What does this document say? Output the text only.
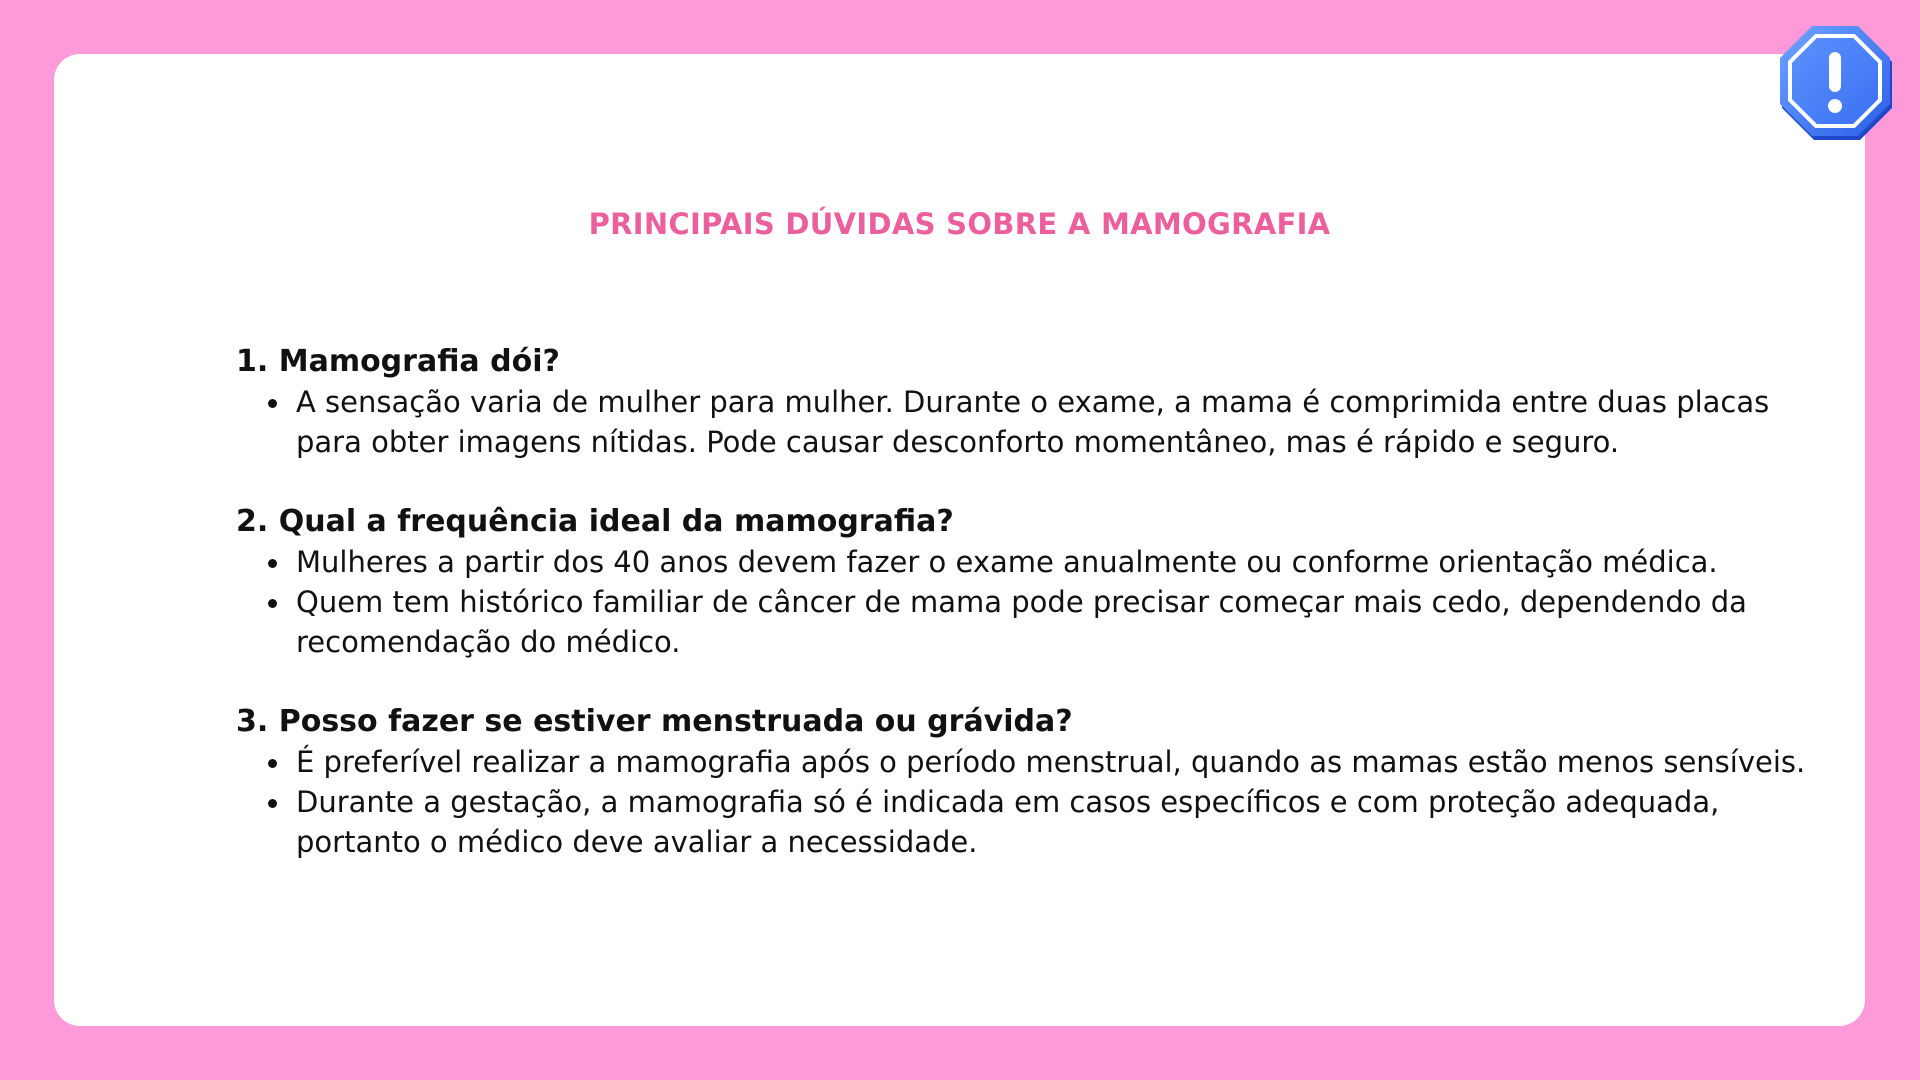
PRINCIPAIS DÚVIDAS SOBRE A MAMOGRAFIA
1. Mamografia dói?
A sensação varia de mulher para mulher. Durante o exame, a mama é comprimida entre duas placas para obter imagens nítidas. Pode causar desconforto momentâneo, mas é rápido e seguro.
2. Qual a frequência ideal da mamografia?
Mulheres a partir dos 40 anos devem fazer o exame anualmente ou conforme orientação médica.
Quem tem histórico familiar de câncer de mama pode precisar começar mais cedo, dependendo da recomendação do médico.
3. Posso fazer se estiver menstruada ou grávida?
É preferível realizar a mamografia após o período menstrual, quando as mamas estão menos sensíveis.
Durante a gestação, a mamografia só é indicada em casos específicos e com proteção adequada, portanto o médico deve avaliar a necessidade.
